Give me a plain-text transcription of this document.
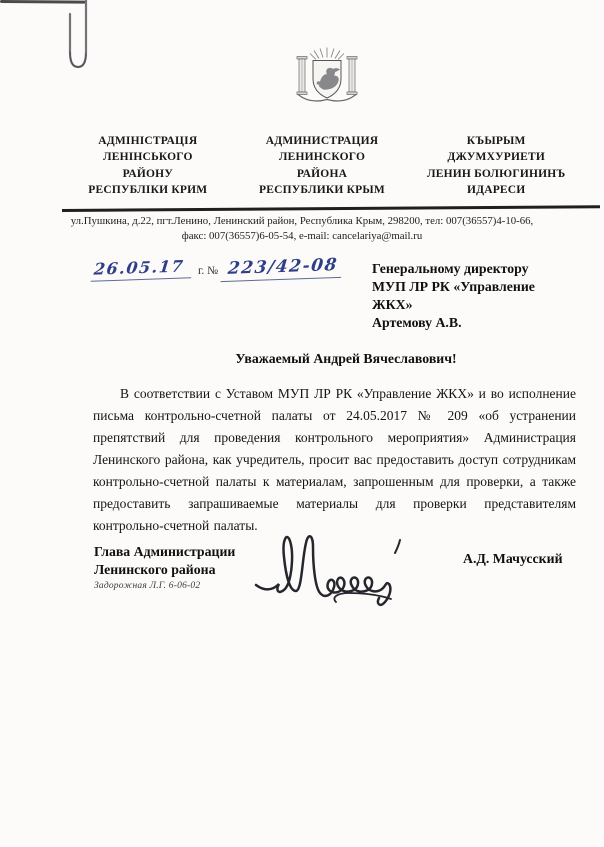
АДМІНІСТРАЦІЯ
ЛЕНІНСЬКОГО
РАЙОНУ
РЕСПУБЛІКИ КРИМ
АДМИНИСТРАЦИЯ
ЛЕНИНСКОГО
РАЙОНА
РЕСПУБЛИКИ КРЫМ
КЪЫРЫМ
ДЖУМХУРИЕТИ
ЛЕНИН БОЛЮГИНИНЪ
ИДАРЕСИ
ул.Пушкина, д.22, пгт.Ленино, Ленинский район, Республика Крым, 298200, тел: 007(36557)4-10-66,
факс: 007(36557)6-05-54, e-mail: cancelariya@mail.ru
26.05.17	г. № 223/42-08 Генеральному директору
МУП ЛР РК «Управление
ЖКХ»
Артемову А.В.
Уважаемый Андрей Вячеславович!

В соответствии с Уставом МУП ЛР РК «Управление ЖКХ» и во исполнение письма контрольно-счетной палаты от 24.05.2017 № 209 «об устранении препятствий для проведения контрольного мероприятия» Администрация Ленинского района, как учредитель, просит вас предоставить доступ сотрудникам контрольно-счетной палаты к материалам, запрошенным для проверки, а также предоставить запрашиваемые материалы для проверки представителям контрольно-счетной палаты.

Глава Администрации
Ленинского района
Задорожная Л.Г. 6-06-02
А.Д. Мачусский
